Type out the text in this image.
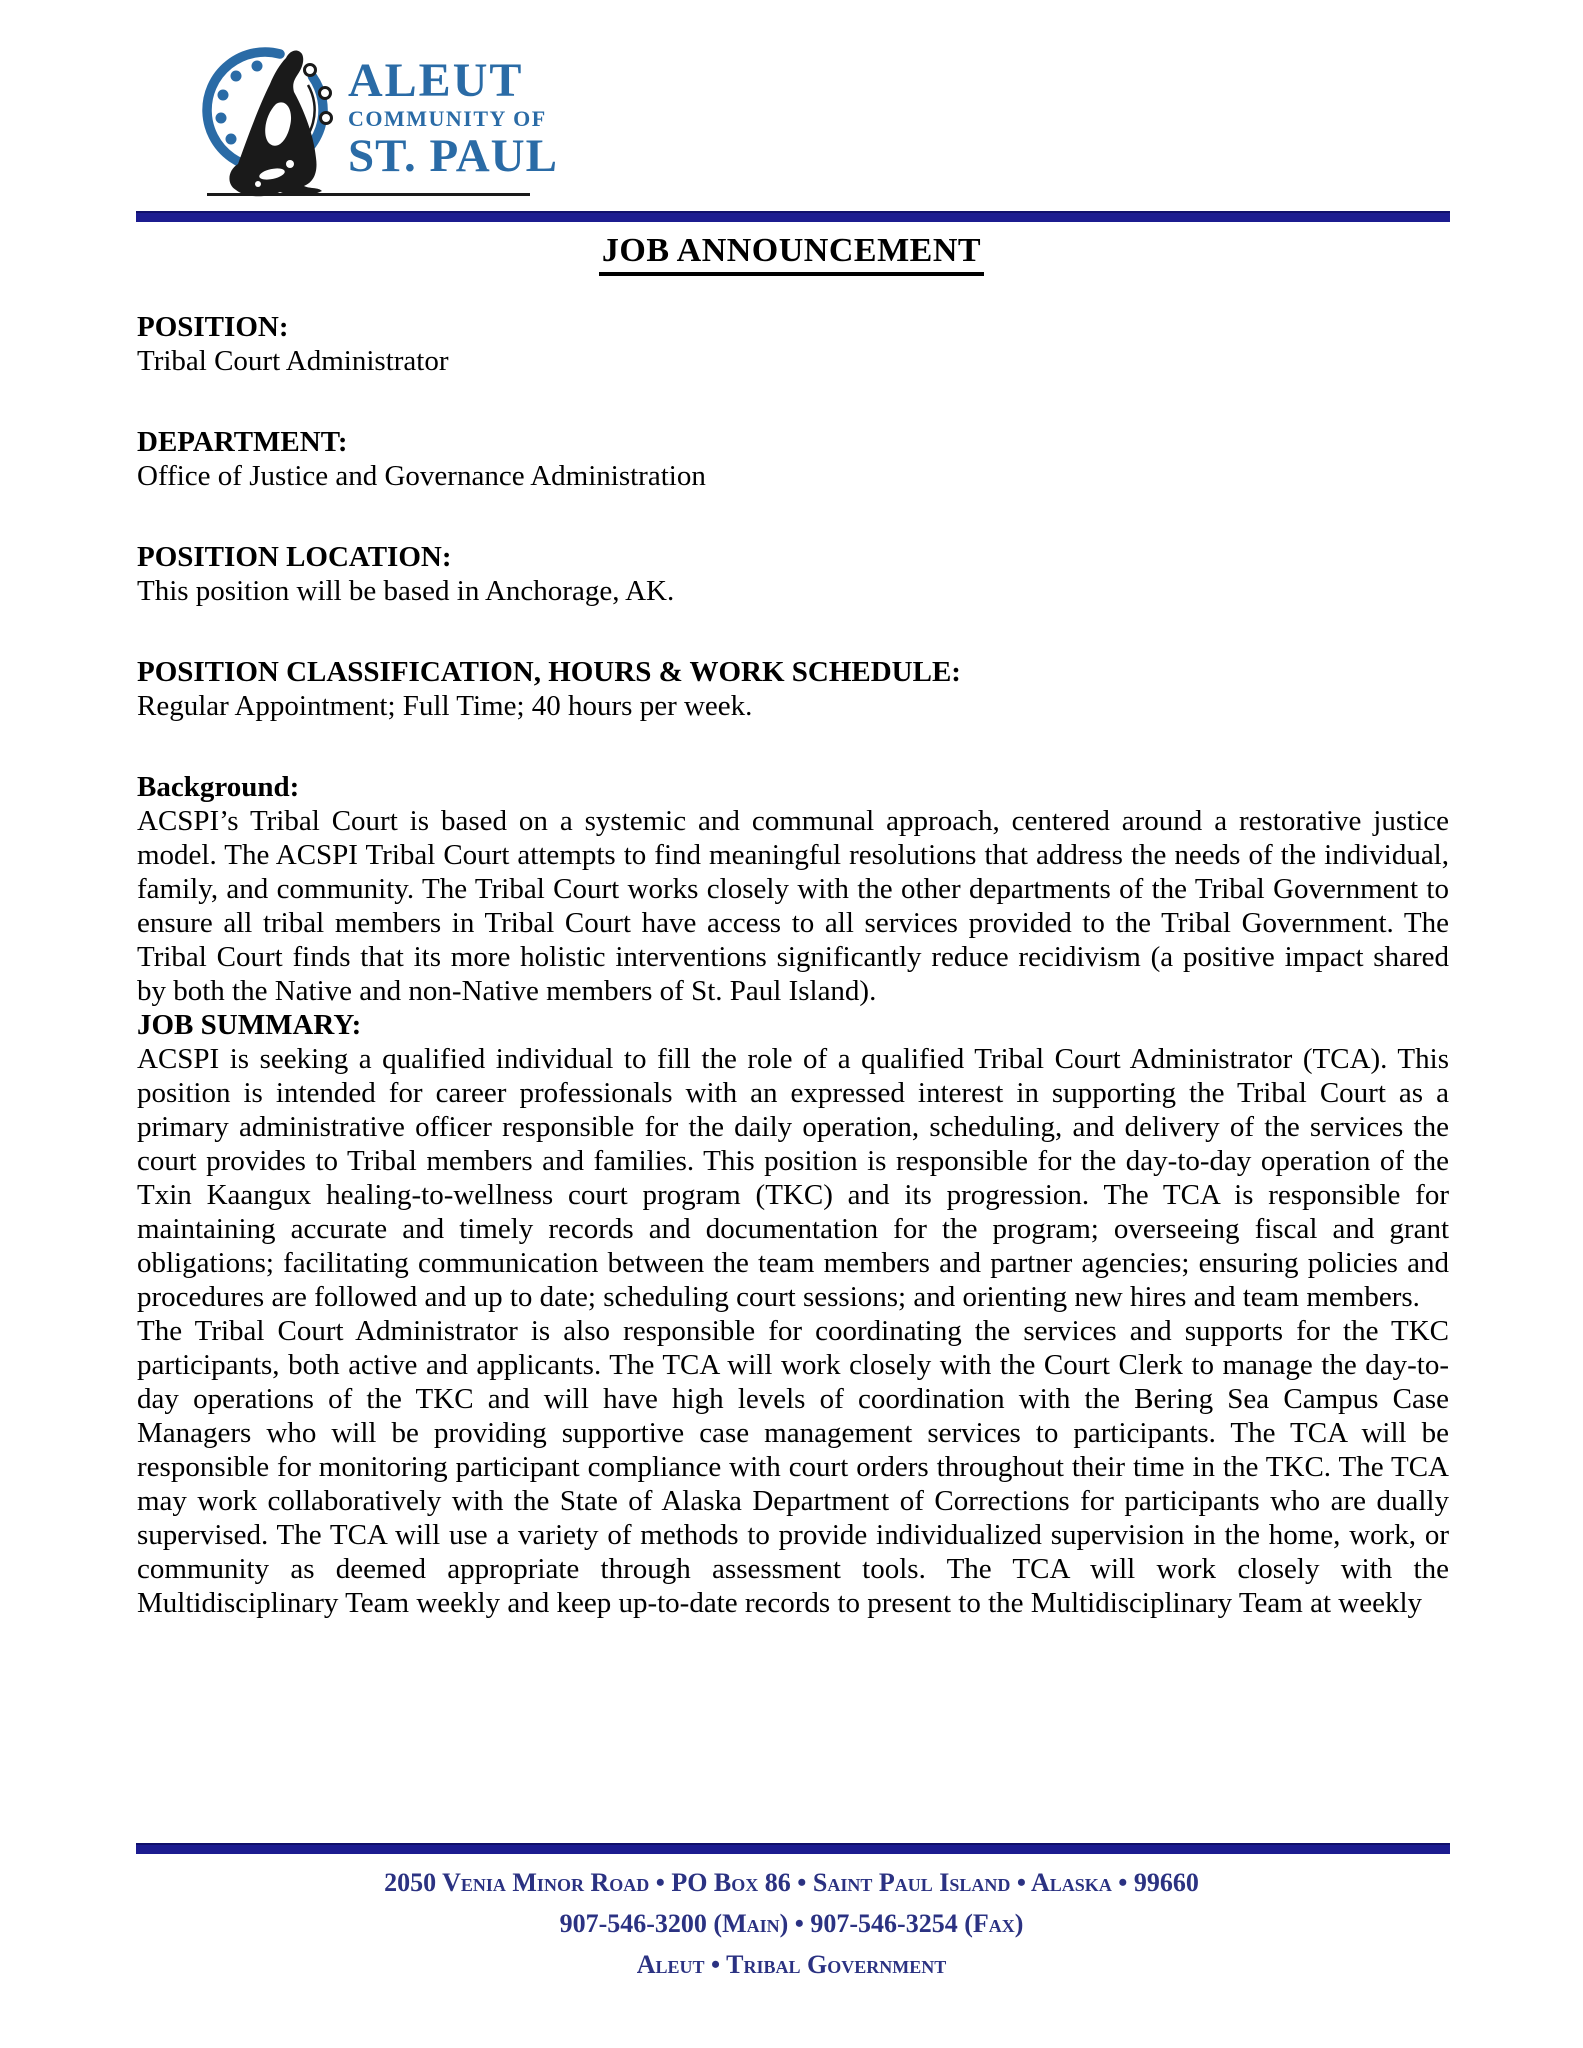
ALEUT
COMMUNITY OF
ST. PAUL
JOB ANNOUNCEMENT
POSITION:

Tribal Court Administrator

DEPARTMENT:

Office of Justice and Governance Administration

POSITION LOCATION:

This position will be based in Anchorage, AK.

POSITION CLASSIFICATION, HOURS & WORK SCHEDULE:

Regular Appointment; Full Time; 40 hours per week.

Background:

ACSPI’s Tribal Court is based on a systemic and communal approach, centered around a restorative justice model. The ACSPI Tribal Court attempts to find meaningful resolutions that address the needs of the individual, family, and community. The Tribal Court works closely with the other departments of the Tribal Government to ensure all tribal members in Tribal Court have access to all services provided to the Tribal Government. The Tribal Court finds that its more holistic interventions significantly reduce recidivism (a positive impact shared by both the Native and non-Native members of St. Paul Island).

JOB SUMMARY:

ACSPI is seeking a qualified individual to fill the role of a qualified Tribal Court Administrator (TCA). This position is intended for career professionals with an expressed interest in supporting the Tribal Court as a primary administrative officer responsible for the daily operation, scheduling, and delivery of the services the court provides to Tribal members and families. This position is responsible for the day-to-day operation of the Txin Kaangux healing-to-wellness court program (TKC) and its progression. The TCA is responsible for maintaining accurate and timely records and documentation for the program; overseeing fiscal and grant obligations; facilitating communication between the team members and partner agencies; ensuring policies and procedures are followed and up to date; scheduling court sessions; and orienting new hires and team members.

The Tribal Court Administrator is also responsible for coordinating the services and supports for the TKC participants, both active and applicants. The TCA will work closely with the Court Clerk to manage the day-to-day operations of the TKC and will have high levels of coordination with the Bering Sea Campus Case Managers who will be providing supportive case management services to participants. The TCA will be responsible for monitoring participant compliance with court orders throughout their time in the TKC. The TCA may work collaboratively with the State of Alaska Department of Corrections for participants who are dually supervised. The TCA will use a variety of methods to provide individualized supervision in the home, work, or community as deemed appropriate through assessment tools. The TCA will work closely with the Multidisciplinary Team weekly and keep up-to-date records to present to the Multidisciplinary Team at weekly

2050 Venia Minor Road • PO Box 86 • Saint Paul Island • Alaska • 99660
907-546-3200 (Main) • 907-546-3254 (Fax)
Aleut • Tribal Government
